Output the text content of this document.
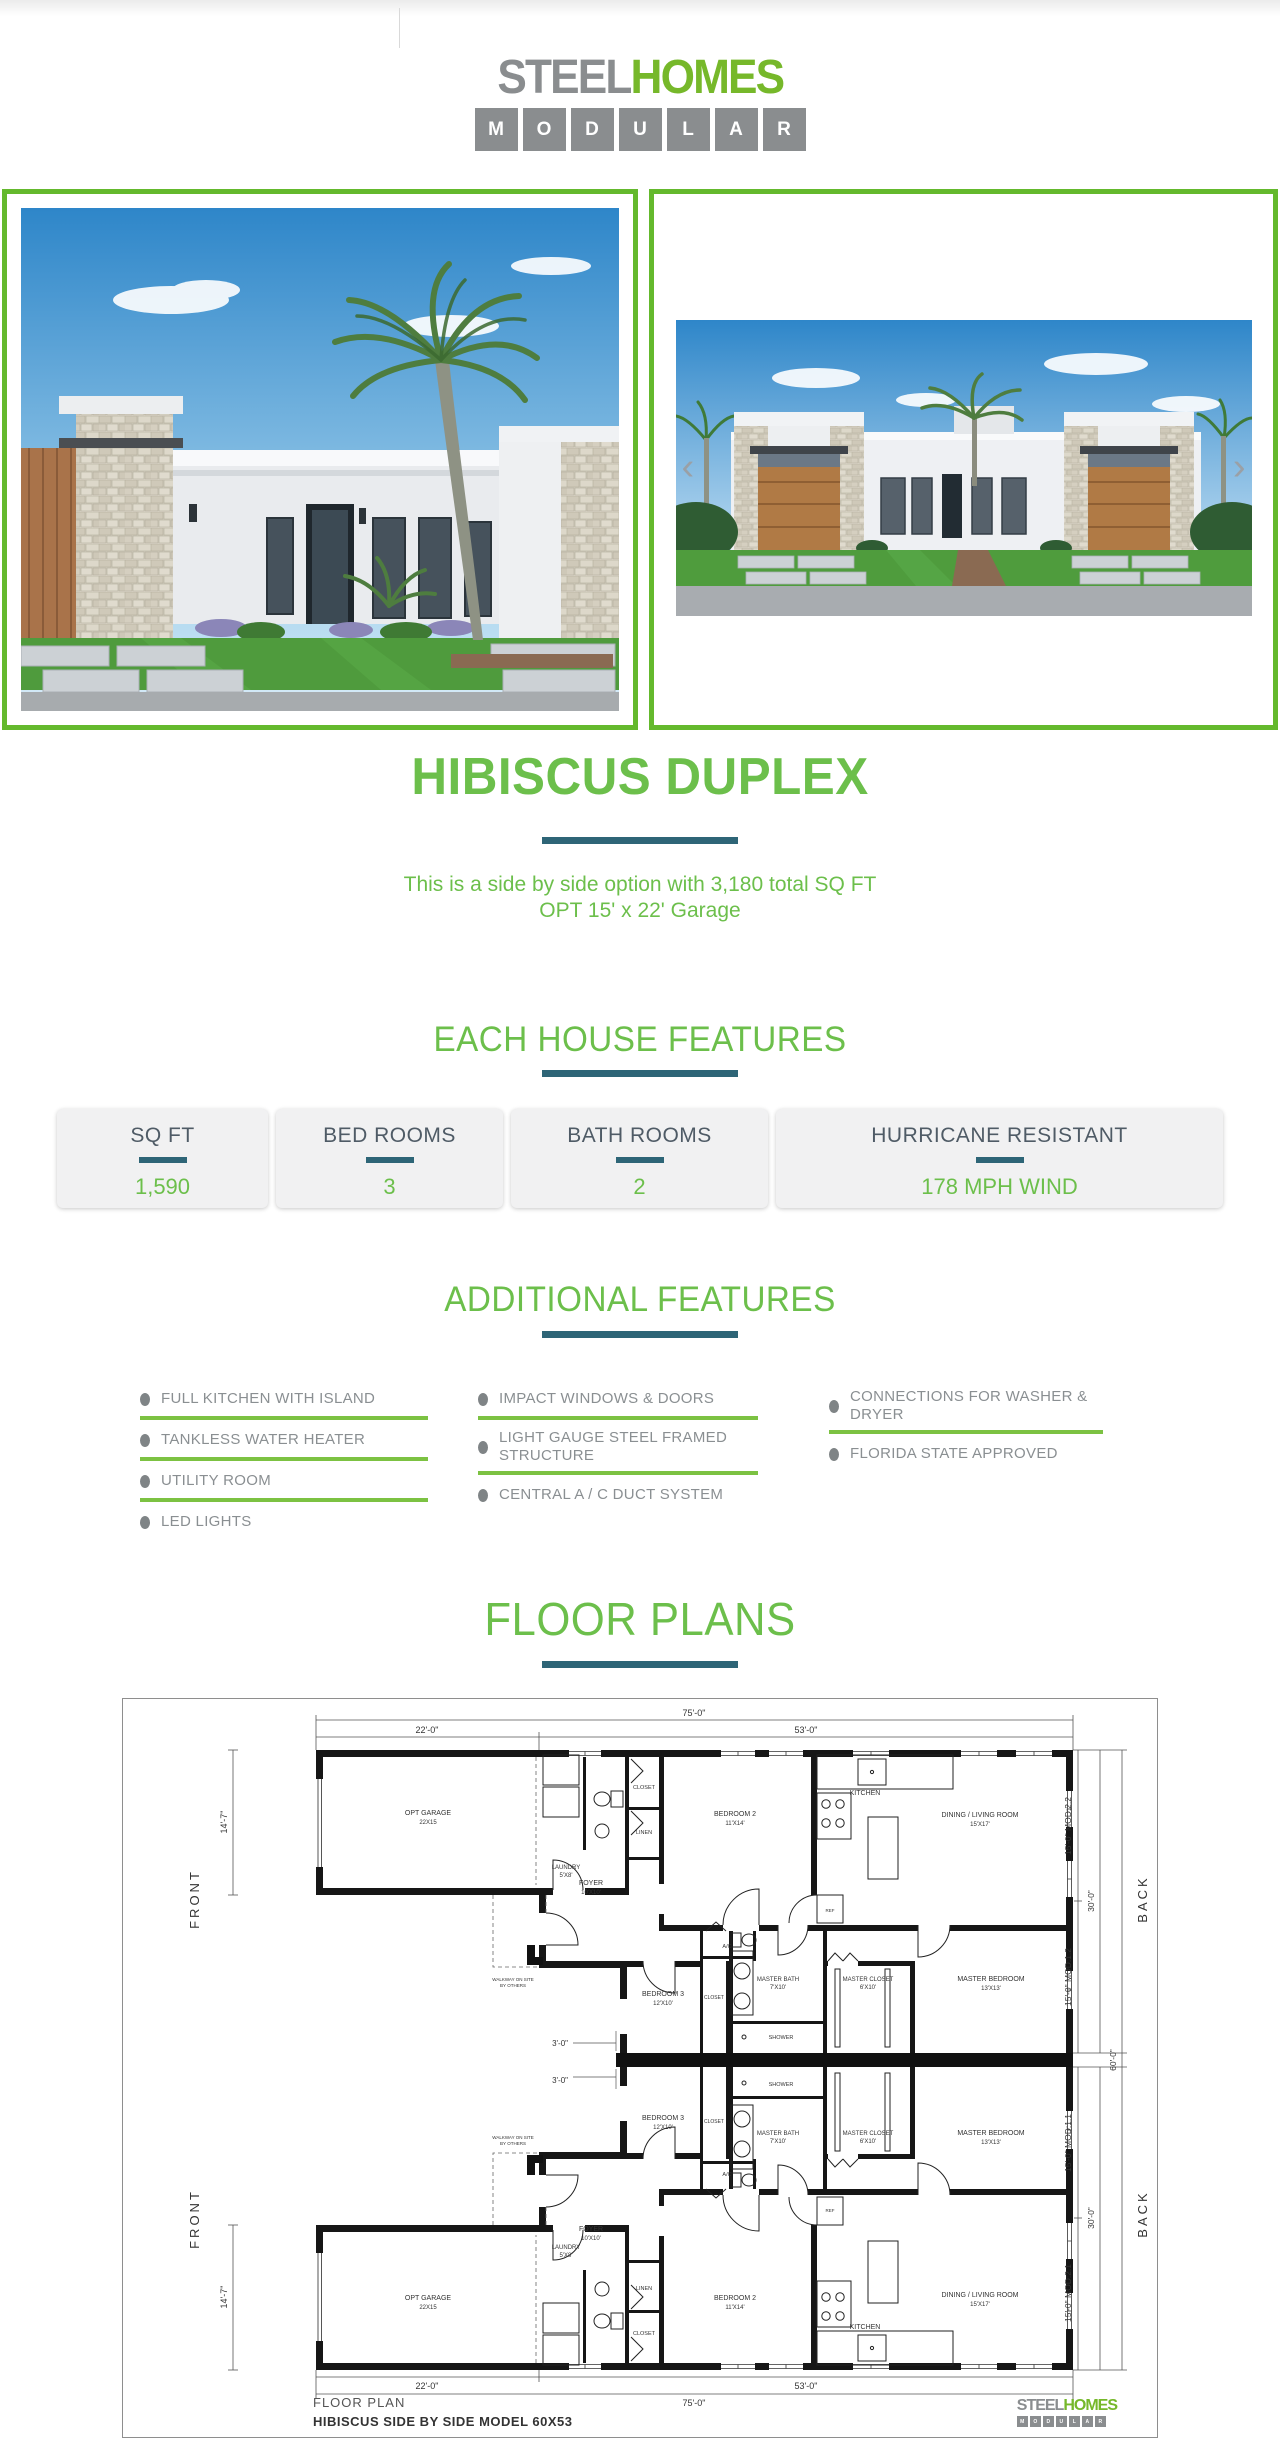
STEELHOMES
M	O	D	U	L	A	R
‹	›
HIBISCUS DUPLEX
This is a side by side option with 3,180 total SQ FT
OPT 15' x 22' Garage
EACH HOUSE FEATURES
SQ FT
1,590
BED ROOMS
3
BATH ROOMS
2
HURRICANE RESISTANT
178 MPH WIND
ADDITIONAL FEATURES
FULL KITCHEN WITH ISLAND
TANKLESS WATER HEATER
UTILITY ROOM
LED LIGHTS
IMPACT WINDOWS & DOORS
LIGHT GAUGE STEEL FRAMED STRUCTURE
CENTRAL A / C DUCT SYSTEM
CONNECTIONS FOR WASHER & DRYER
FLORIDA STATE APPROVED
FLOOR PLANS
75'-0"
22'-0"	53'-0"
22'-0"	53'-0"
75'-0"
14'-7"
14'-7"
3'-0"
3'-0"
FRONT
FRONT
BACK
BACK
15'-0" MOD:2.2
15'-0" MOD:1.2
15'-0" MOD:1.1
15'-0" MOD:2.1
30'-0"
30'-0"
60'-0"
OPT GARAGE
22X15
LAUNDRY
5'X8'
CLOSET
LINEN
BEDROOM 2
11'X14'
KITCHEN
DINING / LIVING ROOM
15'X17'
FOYER
10'X10'
BEDROOM 3
12'X10'
CLOSET
A/C
MASTER BATH
7'X10'
SHOWER
MASTER CLOSET
6'X10'
MASTER BEDROOM
13'X13'
REF
WALKWAY ON SITE
BY OTHERS
OPT GARAGE
22X15
LAUNDRY
5'X8'
CLOSET
LINEN
BEDROOM 2
11'X14'
KITCHEN
DINING / LIVING ROOM
15'X17'
FOYER
10'X10'
BEDROOM 3
12'X10'
CLOSET
A/C
MASTER BATH
7'X10'
SHOWER
MASTER CLOSET
6'X10'
MASTER BEDROOM
13'X13'
REF
WALKWAY ON SITE
BY OTHERS
FLOOR PLAN
HIBISCUS SIDE BY SIDE MODEL 60X53
STEELHOMES
M	O	D	U	L	A	R
